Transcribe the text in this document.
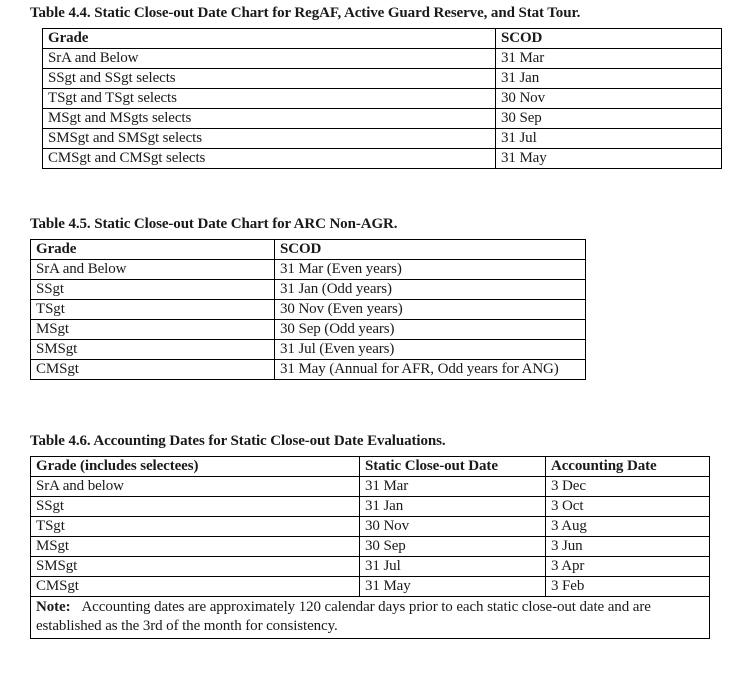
Table 4.4. Static Close-out Date Chart for RegAF, Active Guard Reserve, and Stat Tour.
Grade	SCOD
SrA and Below	31 Mar
SSgt and SSgt selects	31 Jan
TSgt and TSgt selects	30 Nov
MSgt and MSgts selects	30 Sep
SMSgt and SMSgt selects	31 Jul
CMSgt and CMSgt selects	31 May
Table 4.5. Static Close-out Date Chart for ARC Non-AGR.
Grade	SCOD
SrA and Below	31 Mar (Even years)
SSgt	31 Jan (Odd years)
TSgt	30 Nov (Even years)
MSgt	30 Sep (Odd years)
SMSgt	31 Jul (Even years)
CMSgt	31 May (Annual for AFR, Odd years for ANG)
Table 4.6. Accounting Dates for Static Close-out Date Evaluations.
Grade (includes selectees)	Static Close-out Date	Accounting Date
SrA and below	31 Mar	3 Dec
SSgt	31 Jan	3 Oct
TSgt	30 Nov	3 Aug
MSgt	30 Sep	3 Jun
SMSgt	31 Jul	3 Apr
CMSgt	31 May	3 Feb
Note:   Accounting dates are approximately 120 calendar days prior to each static close-out date and are established as the 3rd of the month for consistency.		
